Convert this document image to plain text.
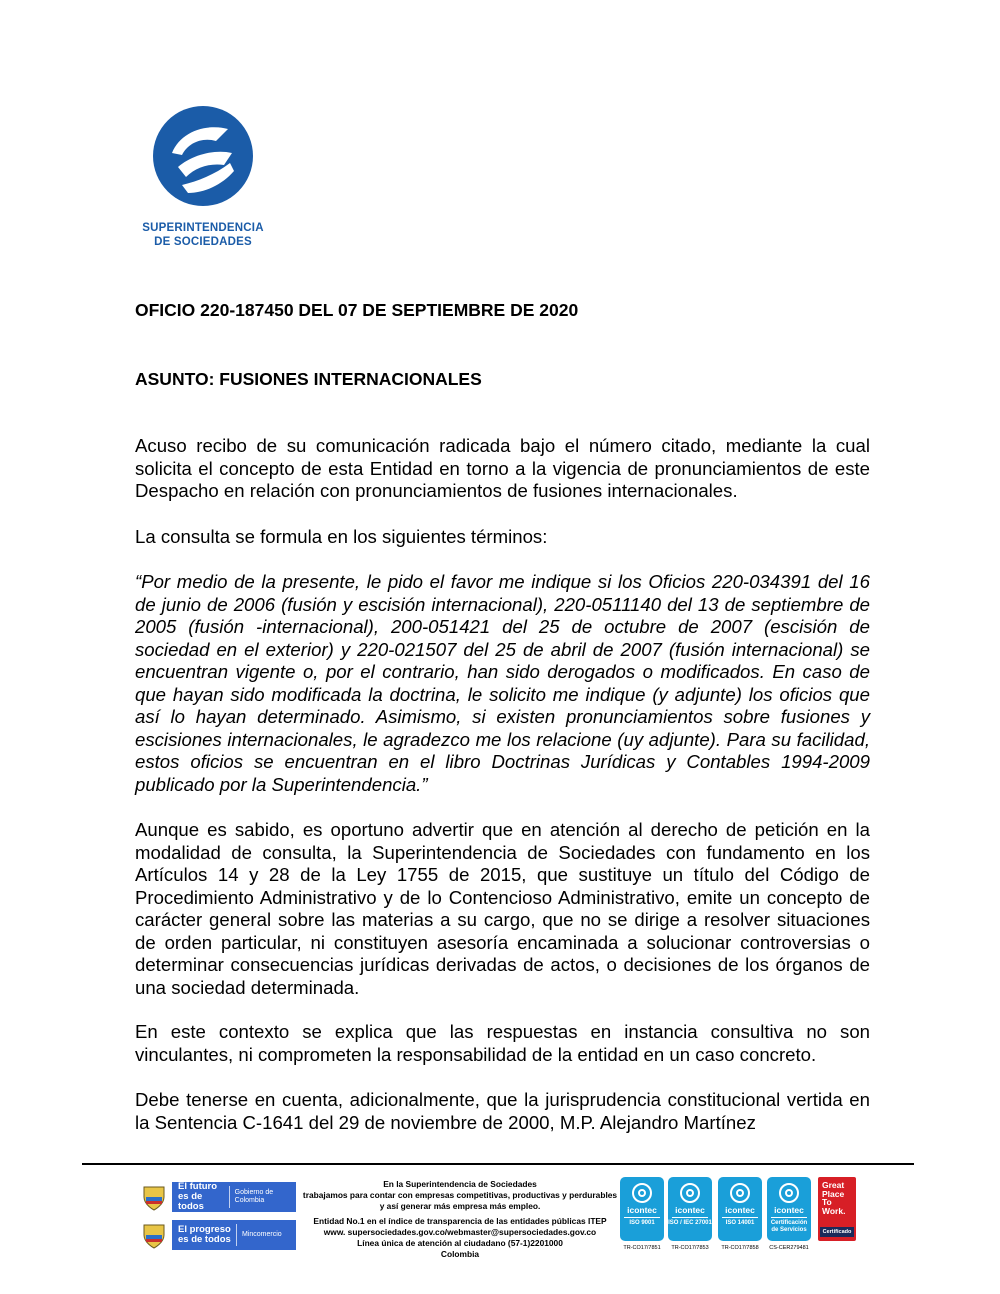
SUPERINTENDENCIA
DE SOCIEDADES
OFICIO 220-187450 DEL 07 DE SEPTIEMBRE DE 2020
ASUNTO: FUSIONES INTERNACIONALES

Acuso recibo de su comunicación radicada bajo el número citado, mediante la cual solicita el concepto de esta Entidad en torno a la vigencia de pronunciamientos de este Despacho en relación con pronunciamientos de fusiones internacionales.

La consulta se formula en los siguientes términos:

“Por medio de la presente, le pido el favor me indique si los Oficios 220-034391 del 16 de junio de 2006 (fusión y escisión internacional), 220-0511140 del 13 de septiembre de 2005 (fusión -internacional), 200-051421 del 25 de octubre de 2007 (escisión de sociedad en el exterior) y 220-021507 del 25 de abril de 2007 (fusión internacional) se encuentran vigente o, por el contrario, han sido derogados o modificados. En caso de que hayan sido modificada la doctrina, le solicito me indique (y adjunte) los oficios que así lo hayan determinado. Asimismo, si existen pronunciamientos sobre fusiones y escisiones internacionales, le agradezco me los relacione (uy adjunte). Para su facilidad, estos oficios se encuentran en el libro Doctrinas Jurídicas y Contables 1994-2009 publicado por la Superintendencia.”

Aunque es sabido, es oportuno advertir que en atención al derecho de petición en la modalidad de consulta, la Superintendencia de Sociedades con fundamento en los Artículos 14 y 28 de la Ley 1755 de 2015, que sustituye un título del Código de Procedimiento Administrativo y de lo Contencioso Administrativo, emite un concepto de carácter general sobre las materias a su cargo, que no se dirige a resolver situaciones de orden particular, ni constituyen asesoría encaminada a solucionar controversias o determinar consecuencias jurídicas derivadas de actos, o decisiones de los órganos de una sociedad determinada.

En este contexto se explica que las respuestas en instancia consultiva no son vinculantes, ni comprometen la responsabilidad de la entidad en un caso concreto.

Debe tenerse en cuenta, adicionalmente, que la jurisprudencia constitucional vertida en la Sentencia C-1641 del 29 de noviembre de 2000, M.P. Alejandro Martínez

El futuro es de todos
Gobierno de Colombia
El progreso es de todos	Mincomercio
En la Superintendencia de Sociedades
trabajamos para contar con empresas competitivas, productivas y perdurables
y así generar más empresa más empleo.
Entidad No.1 en el índice de transparencia de las entidades públicas ITEP
www. supersociedades.gov.co/webmaster@supersociedades.gov.co
Línea única de atención al ciudadano (57-1)2201000
Colombia
icontec
ISO 9001
TR-CO17/7851
icontec
ISO / IEC 27001
TR-CO17/7853
icontec
ISO 14001
TR-CO17/7858
icontec
Certificación de Servicios
CS-CER279481
Great Place To Work.
Certificado
